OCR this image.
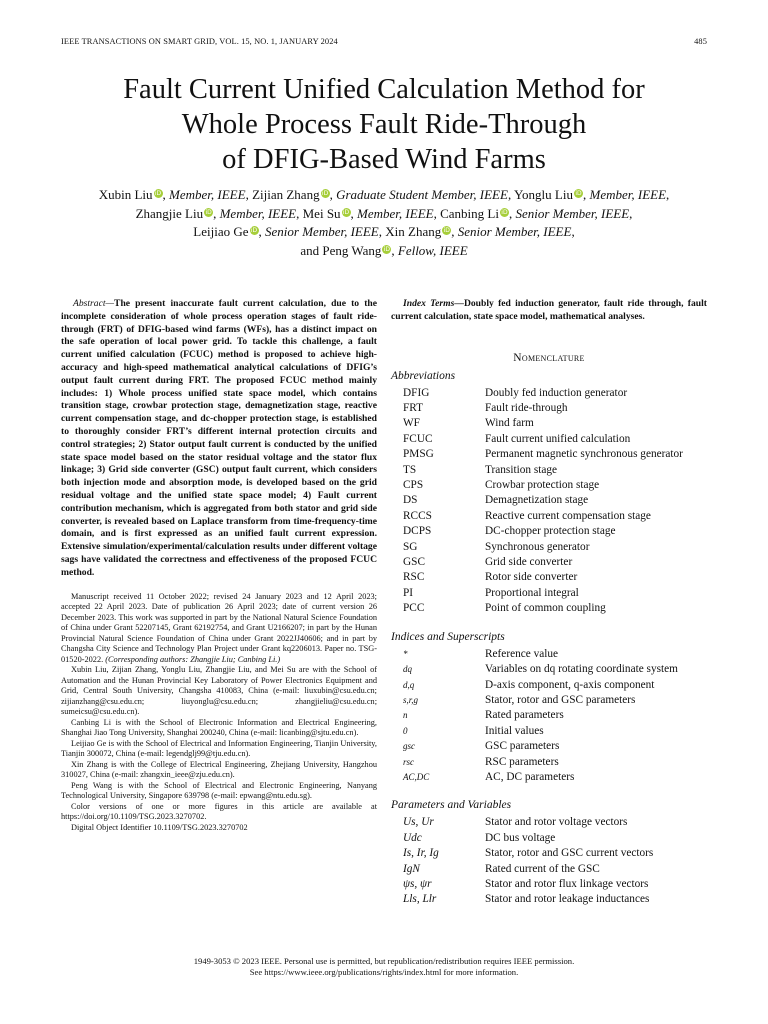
IEEE TRANSACTIONS ON SMART GRID, VOL. 15, NO. 1, JANUARY 2024	485
Fault Current Unified Calculation Method for
Whole Process Fault Ride-Through
of DFIG-Based Wind Farms
Xubin Liu iD, Member, IEEE, Zijian Zhang iD, Graduate Student Member, IEEE, Yonglu Liu iD, Member, IEEE,
Zhangjie Liu iD, Member, IEEE, Mei Su iD, Member, IEEE, Canbing Li iD, Senior Member, IEEE,
Leijiao Ge iD, Senior Member, IEEE, Xin Zhang iD, Senior Member, IEEE,
and Peng Wang iD, Fellow, IEEE

Abstract—The present inaccurate fault current calculation, due to the incomplete consideration of whole process operation stages of fault ride-through (FRT) of DFIG-based wind farms (WFs), has a distinct impact on the safe operation of local power grid. To tackle this challenge, a fault current unified calculation (FCUC) method is proposed to achieve high-accuracy and high-speed mathematical analytical calculations of DFIG’s output fault current during FRT. The proposed FCUC method mainly includes: 1) Whole process unified state space model, which contains transition stage, crowbar protection stage, demagnetization stage, reactive current compensation stage, and dc-chopper protection stage, is established to thoroughly consider FRT’s different internal protection circuits and control strategies; 2) Stator output fault current is conducted by the unified state space model based on the stator residual voltage and the stator flux linkage; 3) Grid side converter (GSC) output fault current, which considers both injection mode and absorption mode, is developed based on the grid residual voltage and the unified state space model; 4) Fault current contribution mechanism, which is aggregated from both stator and grid side converter, is revealed based on Laplace transform from time-frequency-time domain, and is first expressed as an unified fault current expression. Extensive simulation/experimental/calculation results under different voltage sags have validated the correctness and effectiveness of the proposed FCUC method.

Manuscript received 11 October 2022; revised 24 January 2023 and 12 April 2023; accepted 22 April 2023. Date of publication 26 April 2023; date of current version 26 December 2023. This work was supported in part by the National Natural Science Foundation of China under Grant 52207145, Grant 62192754, and Grant U2166207; in part by the Hunan Provincial Natural Science Foundation of China under Grant 2022JJ40606; and in part by Changsha City Science and Technology Plan Project under Grant kq2206013. Paper no. TSG-01520-2022. (Corresponding authors: Zhangjie Liu; Canbing Li.)

Xubin Liu, Zijian Zhang, Yonglu Liu, Zhangjie Liu, and Mei Su are with the School of Automation and the Hunan Provincial Key Laboratory of Power Electronics Equipment and Grid, Central South University, Changsha 410083, China (e-mail: liuxubin@csu.edu.cn; zijianzhang@csu.edu.cn; liuyonglu@csu.edu.cn; zhangjieliu@csu.edu.cn; sumeicsu@csu.edu.cn).

Canbing Li is with the School of Electronic Information and Electrical Engineering, Shanghai Jiao Tong University, Shanghai 200240, China (e-mail: licanbing@sjtu.edu.cn).

Leijiao Ge is with the School of Electrical and Information Engineering, Tianjin University, Tianjin 300072, China (e-mail: legendglj99@tju.edu.cn).

Xin Zhang is with the College of Electrical Engineering, Zhejiang University, Hangzhou 310027, China (e-mail: zhangxin_ieee@zju.edu.cn).

Peng Wang is with the School of Electrical and Electronic Engineering, Nanyang Technological University, Singapore 639798 (e-mail: epwang@ntu.edu.sg).

Color versions of one or more figures in this article are available at https://doi.org/10.1109/TSG.2023.3270702.

Digital Object Identifier 10.1109/TSG.2023.3270702

Index Terms—Doubly fed induction generator, fault ride through, fault current calculation, state space model, mathematical analyses.

Nomenclature
Abbreviations
DFIG	Doubly fed induction generator
FRT	Fault ride-through
WF	Wind farm
FCUC	Fault current unified calculation
PMSG	Permanent magnetic synchronous generator
TS	Transition stage
CPS	Crowbar protection stage
DS	Demagnetization stage
RCCS	Reactive current compensation stage
DCPS	DC-chopper protection stage
SG	Synchronous generator
GSC	Grid side converter
RSC	Rotor side converter
PI	Proportional integral
PCC	Point of common coupling
Indices and Superscripts
*	Reference value
dq	Variables on dq rotating coordinate system
d,q	D-axis component, q-axis component
s,r,g	Stator, rotor and GSC parameters
n	Rated parameters
0	Initial values
gsc	GSC parameters
rsc	RSC parameters
AC,DC	AC, DC parameters
Parameters and Variables
Us, Ur	Stator and rotor voltage vectors
Udc	DC bus voltage
Is, Ir, Ig	Stator, rotor and GSC current vectors
IgN	Rated current of the GSC
ψs, ψr	Stator and rotor flux linkage vectors
Lls, Llr	Stator and rotor leakage inductances
1949-3053 © 2023 IEEE. Personal use is permitted, but republication/redistribution requires IEEE permission.
See https://www.ieee.org/publications/rights/index.html for more information.
